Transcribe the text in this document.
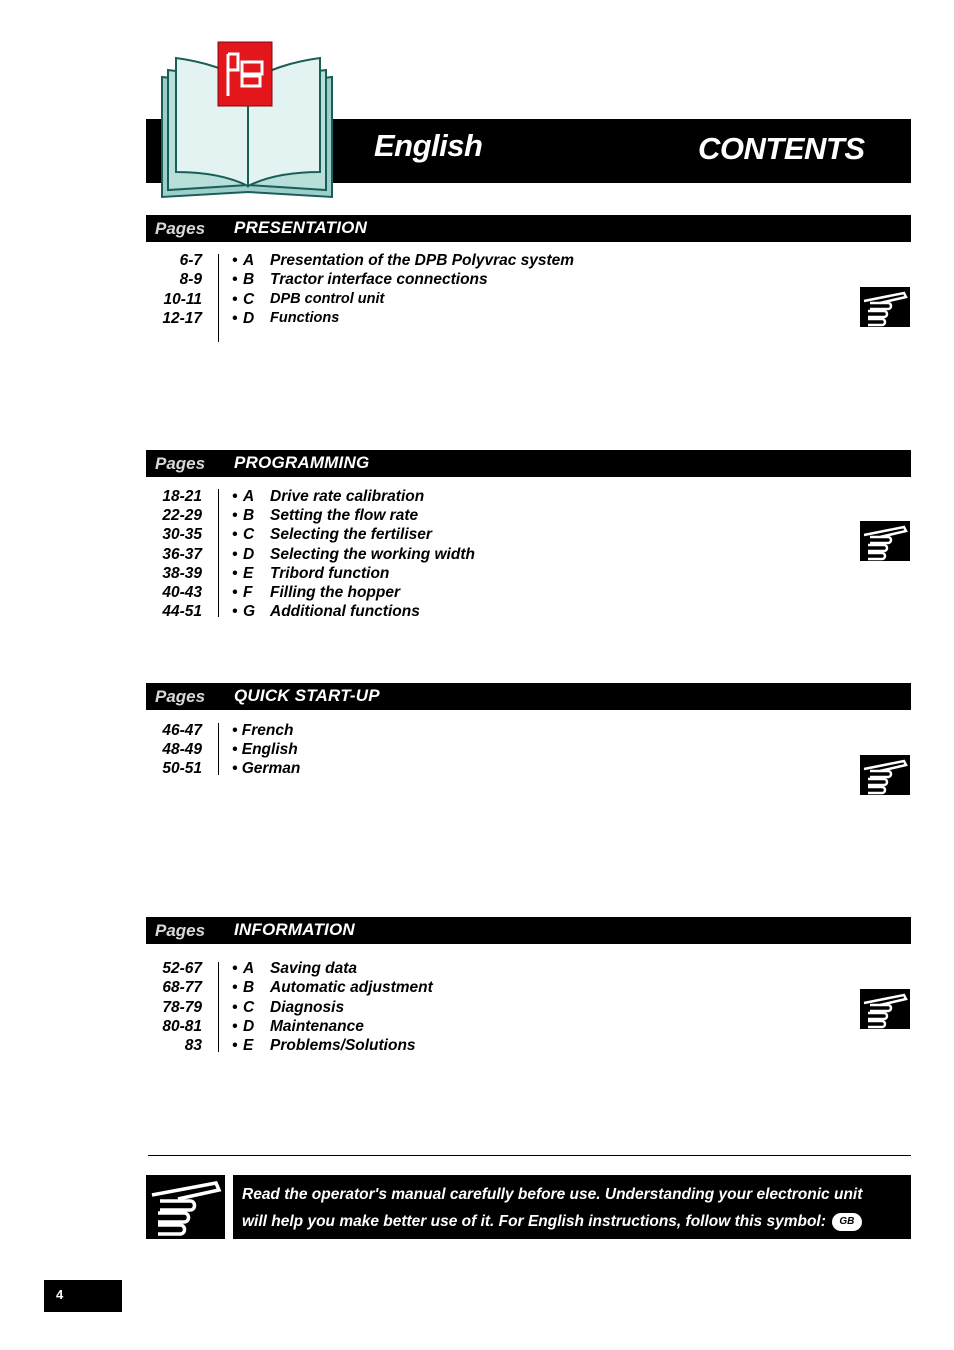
English	CONTENTS
Pages PRESENTATION
6-7 • A Presentation of the DPB Polyvrac system
8-9 • B Tractor interface connections
10-11 • C DPB control unit
12-17 • D Functions
Pages PROGRAMMING
18-21 • A Drive rate calibration
22-29 • B Setting the flow rate
30-35 • C Selecting the fertiliser
36-37 • D Selecting the working width
38-39 • E Tribord function
40-43 • F Filling the hopper
44-51 • G Additional functions
Pages QUICK START-UP
46-47 • French
48-49 • English
50-51 • German
Pages INFORMATION
52-67 • A Saving data
68-77 • B Automatic adjustment
78-79 • C Diagnosis
80-81 • D Maintenance
83 • E Problems/Solutions
Read the operator's manual carefully before use. Understanding your electronic unit
will help you make better use of it. For English instructions, follow this symbol: GB
4
